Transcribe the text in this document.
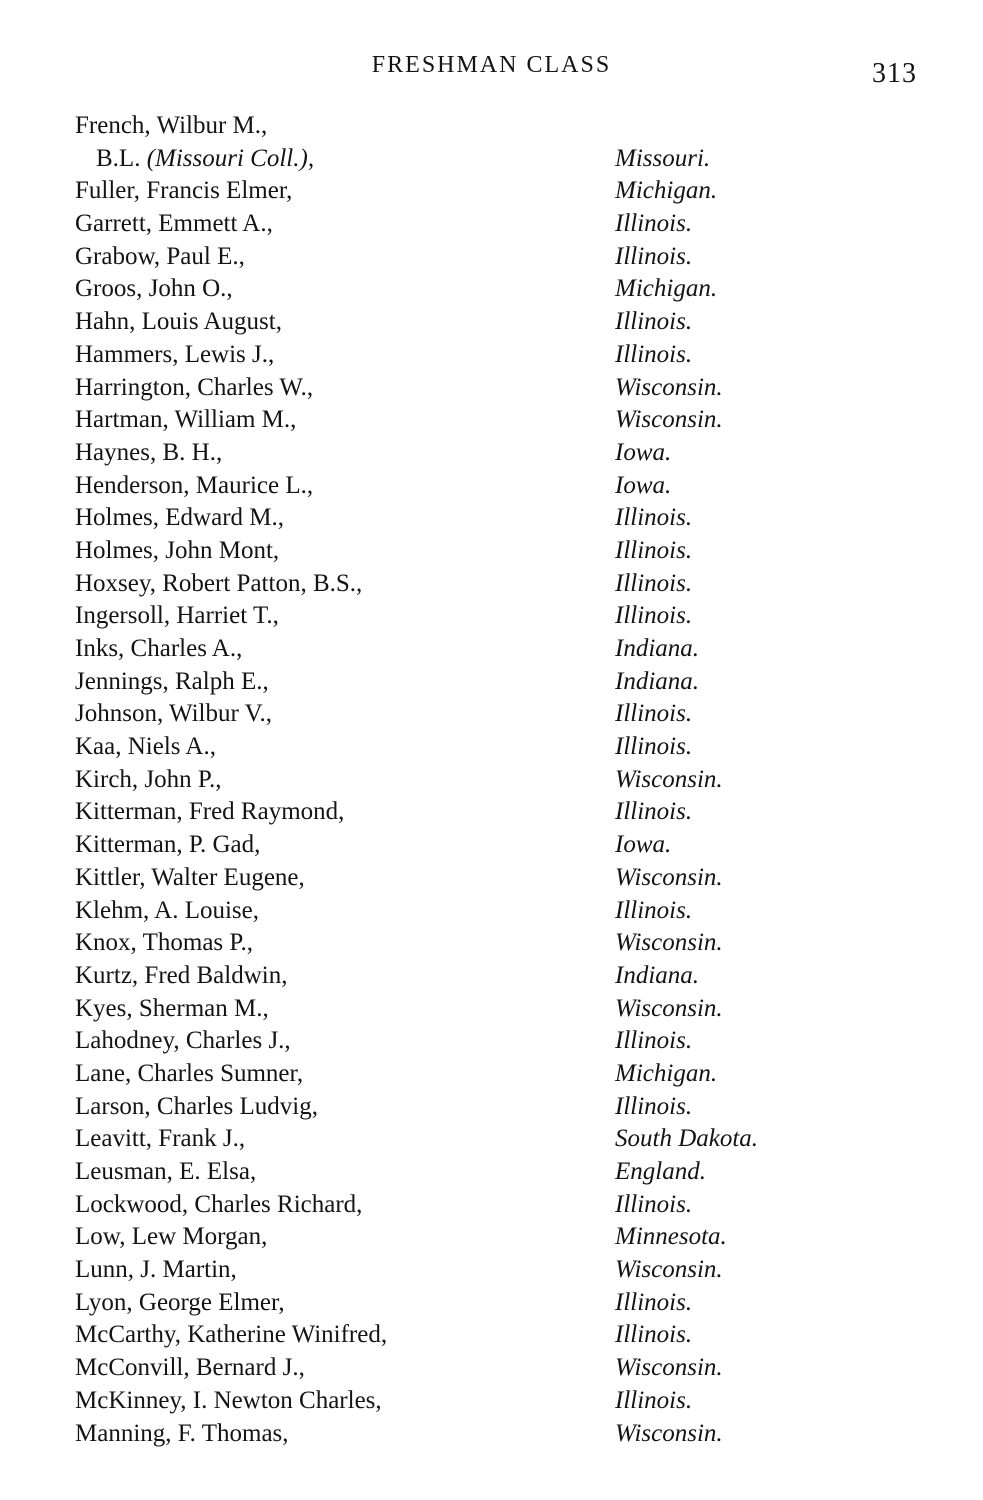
FRESHMAN CLASS	313
French, Wilbur M.,
B.L. (Missouri Coll.),	Missouri.
Fuller, Francis Elmer,	Michigan.
Garrett, Emmett A.,	Illinois.
Grabow, Paul E.,	Illinois.
Groos, John O.,	Michigan.
Hahn, Louis August,	Illinois.
Hammers, Lewis J.,	Illinois.
Harrington, Charles W.,	Wisconsin.
Hartman, William M.,	Wisconsin.
Haynes, B. H.,	Iowa.
Henderson, Maurice L.,	Iowa.
Holmes, Edward M.,	Illinois.
Holmes, John Mont,	Illinois.
Hoxsey, Robert Patton, B.S.,	Illinois.
Ingersoll, Harriet T.,	Illinois.
Inks, Charles A.,	Indiana.
Jennings, Ralph E.,	Indiana.
Johnson, Wilbur V.,	Illinois.
Kaa, Niels A.,	Illinois.
Kirch, John P.,	Wisconsin.
Kitterman, Fred Raymond,	Illinois.
Kitterman, P. Gad,	Iowa.
Kittler, Walter Eugene,	Wisconsin.
Klehm, A. Louise,	Illinois.
Knox, Thomas P.,	Wisconsin.
Kurtz, Fred Baldwin,	Indiana.
Kyes, Sherman M.,	Wisconsin.
Lahodney, Charles J.,	Illinois.
Lane, Charles Sumner,	Michigan.
Larson, Charles Ludvig,	Illinois.
Leavitt, Frank J.,	South Dakota.
Leusman, E. Elsa,	England.
Lockwood, Charles Richard,	Illinois.
Low, Lew Morgan,	Minnesota.
Lunn, J. Martin,	Wisconsin.
Lyon, George Elmer,	Illinois.
McCarthy, Katherine Winifred,	Illinois.
McConvill, Bernard J.,	Wisconsin.
McKinney, I. Newton Charles,	Illinois.
Manning, F. Thomas,	Wisconsin.
